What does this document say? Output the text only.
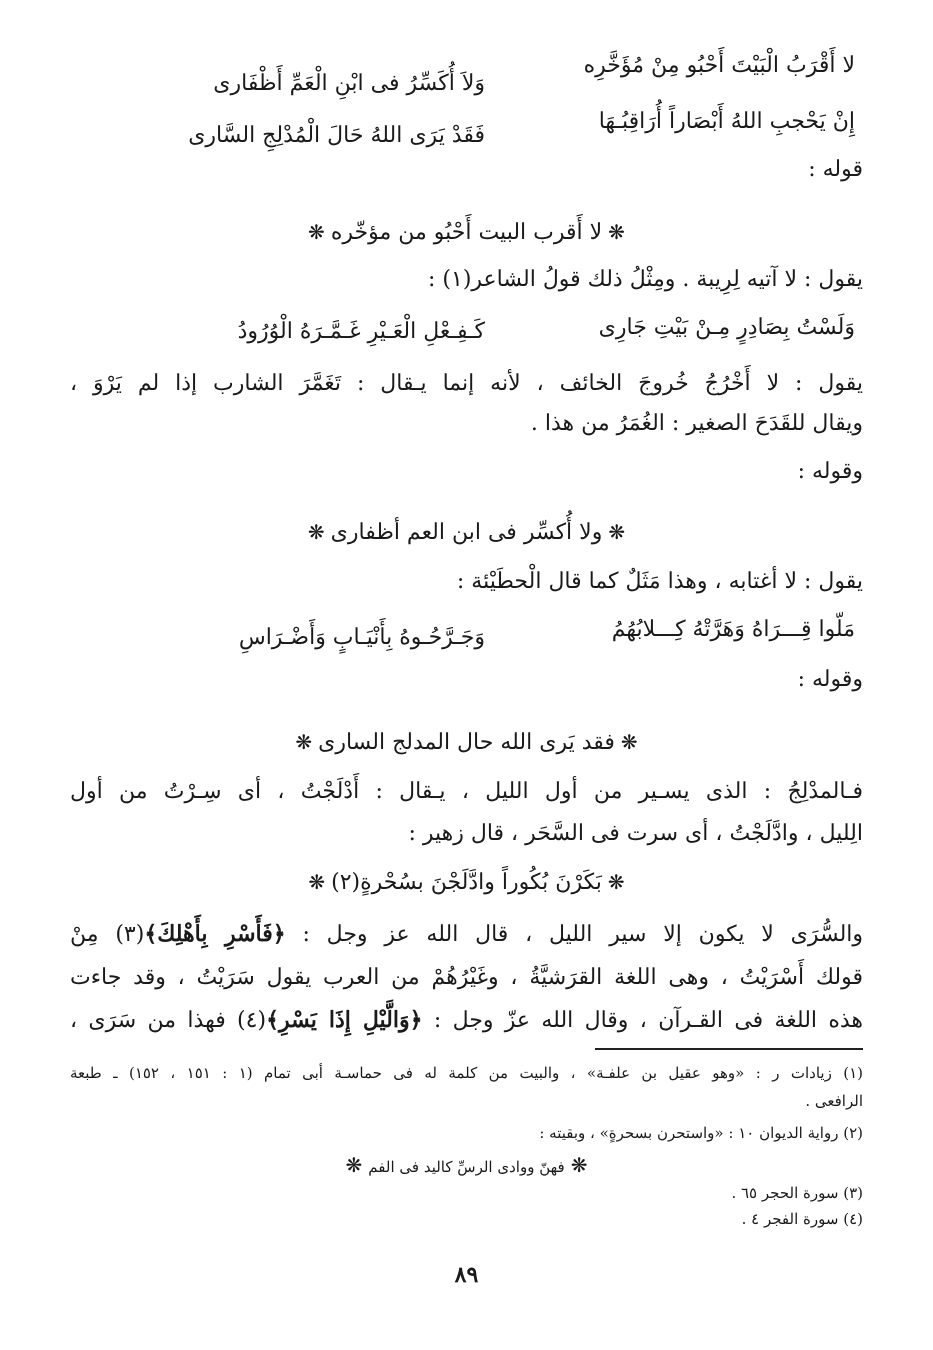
لا أَقْرَبُ الْبَيْتَ أَحْبُو مِنْ مُؤَخَّرِه
وَلاَ أُكَسِّرُ فى ابْنِ الْعَمِّ أَظْفَارى
إِنْ يَحْجبِ اللهُ أَبْصَاراً أُرَاقِبُـهَا
فَقَدْ يَرَى اللهُ حَالَ الْمُدْلِجِ السَّارى
قوله :
❋لا أَقرب البيت أَحْبُو من مؤخّره❋
يقول : لا آتيه لِرِيبة . ومِثْلُ ذلك قولُ الشاعر(١) :
وَلَسْتُ بِصَادِرٍ مِـنْ بَيْتِ جَارِى
كَـفِـعْلِ الْعَـيْرِ غَـمَّـرَهُ الْوُرُودُ
يقول : لا أَخْرُجُ خُروجَ الخائف ، لأنه إنما يـقال : تَغَمَّرَ الشارب إذا لم يَرْوَ ،
ويقال للقَدَحَ الصغير : الغُمَرُ من هذا .
وقوله :
❋ولا أُكسِّر فى ابن العم أظفارى❋
يقول : لا أغتابه ، وهذا مَثَلٌ كما قال الْحطَيْئة :
مَلّوا قِـــرَاهُ وَهَرَّتْهُ كِـــلابُهُمُ
وَجَـرَّحُـوهُ بِأَنْيَـابٍ وَأَضْـرَاسِ
وقوله :
❋فقد يَرى الله حال المدلج السارى❋
فـالمدْلِجُ : الذى يسـير من أول الليل ، يـقال : أَدْلَجْتُ ، أى سِـرْتُ من أول
الِليل ، وادَّلَجْتُ ، أى سرت فى السَّحَر ، قال زهير :
❋بَكَرْنَ بُكُوراً وادَّلَجْنَ بسُحْرةٍ(٢)❋
والسُّرَى لا يكون إلا سير الليل ، قال الله عز وجل : ﴿فَأَسْرِ بِأَهْلِكَ﴾(٣) مِنْ
قولك أَسْرَيْتُ ، وهى اللغة القرَشيَّةُ ، وغَيْرُهُمْ من العرب يقول سَرَيْتُ ، وقد جاءت
هذه اللغة فى القـرآن ، وقال الله عزّ وجل : ﴿وَالَّيْلِ إِذَا يَسْرِ﴾(٤) فهذا من سَرَى ،
(١) زيادات ر : «وهو عقيل بن علفـة» ، والبيت من كلمة له فى حماسـة أبى تمام (١ : ١٥١ ، ١٥٢) ـ طبعة
الرافعى .
(٢) رواية الديوان ١٠ : «واستحرن بسحرةٍ» ، وبقيته :
❋فهنّ ووادى الرسِّ كاليد فى الفم❋
(٣) سورة الحجر ٦٥ .
(٤) سورة الفجر ٤ .
٨٩
